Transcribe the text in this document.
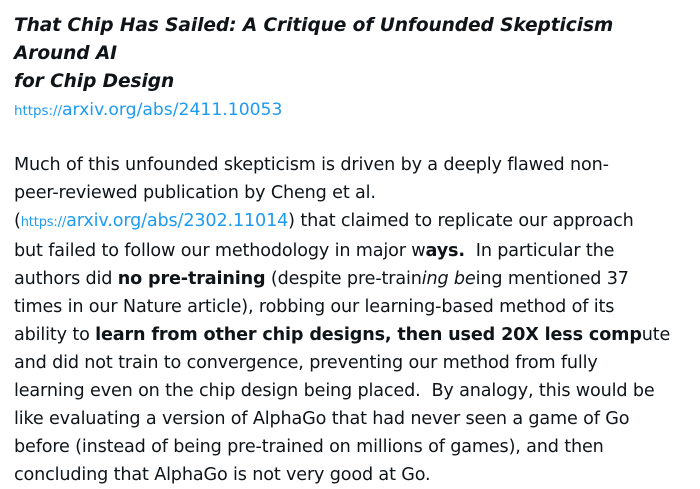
That Chip Has Sailed: A Critique of Unfounded Skepticism Around AI
for Chip Design

https://arxiv.org/abs/2411.10053

Much of this unfounded skepticism is driven by a deeply flawed non-
peer-reviewed publication by Cheng et al.
(https://arxiv.org/abs/2302.11014) that claimed to replicate our approach
but failed to follow our methodology in major ways.  In particular the
authors did no pre-training (despite pre-training being mentioned 37
times in our Nature article), robbing our learning-based method of its
ability to learn from other chip designs, then used 20X less compute
and did not train to convergence, preventing our method from fully
learning even on the chip design being placed.  By analogy, this would be
like evaluating a version of AlphaGo that had never seen a game of Go
before (instead of being pre-trained on millions of games), and then
concluding that AlphaGo is not very good at Go.
